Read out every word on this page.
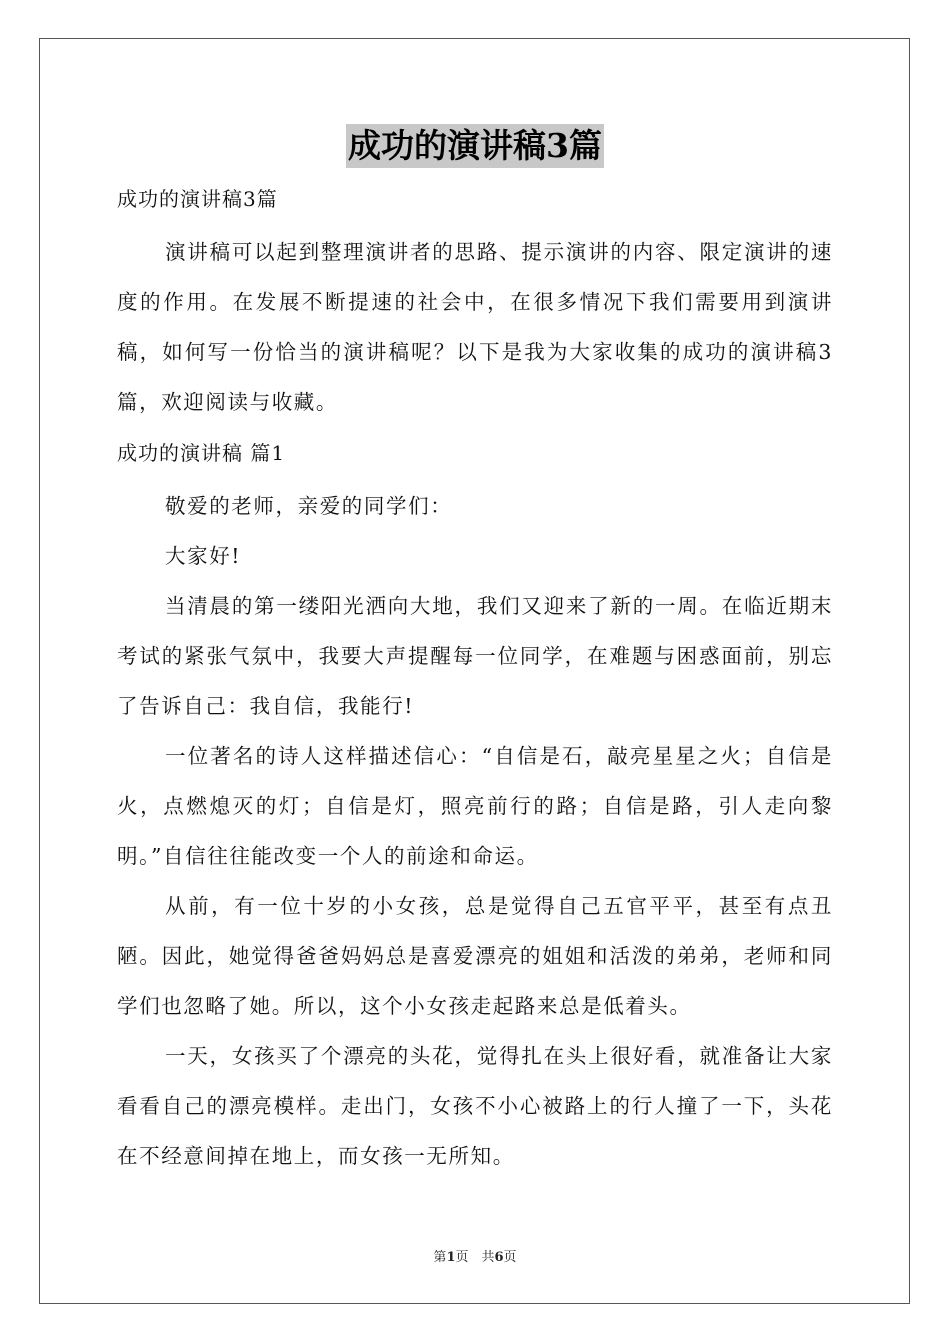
成功的演讲稿3篇

成功的演讲稿3篇

演讲稿可以起到整理演讲者的思路、提示演讲的内容、限定演讲的速度的作用。在发展不断提速的社会中，在很多情况下我们需要用到演讲稿，如何写一份恰当的演讲稿呢？以下是我为大家收集的成功的演讲稿3篇，欢迎阅读与收藏。

成功的演讲稿 篇1

敬爱的老师，亲爱的同学们：

大家好!

当清晨的第一缕阳光洒向大地，我们又迎来了新的一周。在临近期末考试的紧张气氛中，我要大声提醒每一位同学，在难题与困惑面前，别忘了告诉自己：我自信，我能行!

一位著名的诗人这样描述信心：“自信是石，敲亮星星之火；自信是火，点燃熄灭的灯；自信是灯，照亮前行的路；自信是路，引人走向黎明。”自信往往能改变一个人的前途和命运。

从前，有一位十岁的小女孩，总是觉得自己五官平平，甚至有点丑陋。因此，她觉得爸爸妈妈总是喜爱漂亮的姐姐和活泼的弟弟，老师和同学们也忽略了她。所以，这个小女孩走起路来总是低着头。

一天，女孩买了个漂亮的头花，觉得扎在头上很好看，就准备让大家看看自己的漂亮模样。走出门，女孩不小心被路上的行人撞了一下，头花在不经意间掉在地上，而女孩一无所知。

第1页　共6页
